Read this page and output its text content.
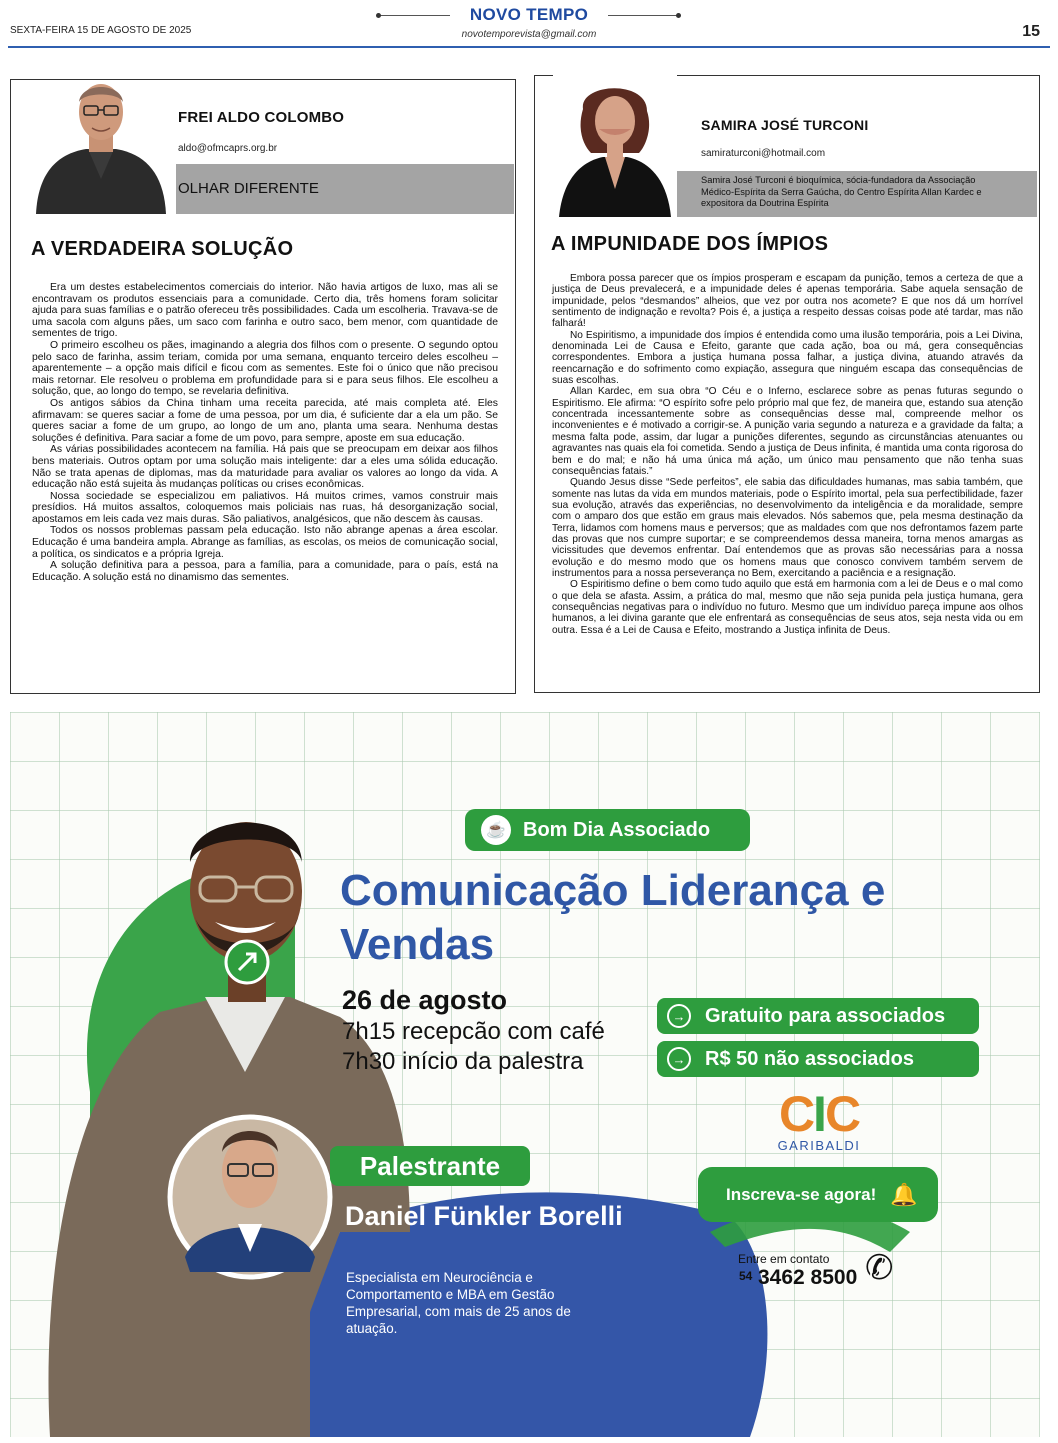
SEXTA-FEIRA 15 DE AGOSTO DE 2025
NOVO TEMPO
novotemporevista@gmail.com	15
FREI ALDO COLOMBO
aldo@ofmcaprs.org.br
OLHAR DIFERENTE
A VERDADEIRA SOLUÇÃO

Era um destes estabelecimentos comerciais do interior. Não havia artigos de luxo, mas ali se encontravam os produtos essenciais para a comunidade. Certo dia, três homens foram solicitar ajuda para suas famílias e o patrão ofereceu três possibilidades. Cada um escolheria. Travava-se de uma sacola com alguns pães, um saco com farinha e outro saco, bem menor, com quantidade de sementes de trigo.

O primeiro escolheu os pães, imaginando a alegria dos filhos com o presente. O segundo optou pelo saco de farinha, assim teriam, comida por uma semana, enquanto terceiro deles escolheu – aparentemente – a opção mais difícil e ficou com as sementes. Este foi o único que não precisou mais retornar. Ele resolveu o problema em profundidade para si e para seus filhos. Ele escolheu a solução, que, ao longo do tempo, se revelaria definitiva.

Os antigos sábios da China tinham uma receita parecida, até mais completa até. Eles afirmavam: se queres saciar a fome de uma pessoa, por um dia, é suficiente dar a ela um pão. Se queres saciar a fome de um grupo, ao longo de um ano, planta uma seara. Nenhuma destas soluções é definitiva. Para saciar a fome de um povo, para sempre, aposte em sua educação.

As várias possibilidades acontecem na família. Há pais que se preocupam em deixar aos filhos bens materiais. Outros optam por uma solução mais inteligente: dar a eles uma sólida educação. Não se trata apenas de diplomas, mas da maturidade para avaliar os valores ao longo da vida. A educação não está sujeita às mudanças políticas ou crises econômicas.

Nossa sociedade se especializou em paliativos. Há muitos crimes, vamos construir mais presídios. Há muitos assaltos, coloquemos mais policiais nas ruas, há desorganização social, apostamos em leis cada vez mais duras. São paliativos, analgésicos, que não descem às causas.

Todos os nossos problemas passam pela educação. Isto não abrange apenas a área escolar. Educação é uma bandeira ampla. Abrange as famílias, as escolas, os meios de comunicação social, a política, os sindicatos e a própria Igreja.

A solução definitiva para a pessoa, para a família, para a comunidade, para o país, está na Educação. A solução está no dinamismo das sementes.

SAMIRA JOSÉ TURCONI
samiraturconi@hotmail.com
Samira José Turconi é bioquímica, sócia-fundadora da Associação Médico-Espírita da Serra Gaúcha, do Centro Espírita Allan Kardec e expositora da Doutrina Espírita
A IMPUNIDADE DOS ÍMPIOS

Embora possa parecer que os ímpios prosperam e escapam da punição, temos a certeza de que a justiça de Deus prevalecerá, e a impunidade deles é apenas temporária. Sabe aquela sensação de impunidade, pelos “desmandos” alheios, que vez por outra nos acomete? E que nos dá um horrível sentimento de indignação e revolta? Pois é, a justiça a respeito dessas coisas pode até tardar, mas não falhará!

No Espiritismo, a impunidade dos ímpios é entendida como uma ilusão temporária, pois a Lei Divina, denominada Lei de Causa e Efeito, garante que cada ação, boa ou má, gera consequências correspondentes. Embora a justiça humana possa falhar, a justiça divina, atuando através da reencarnação e do sofrimento como expiação, assegura que ninguém escapa das consequências de suas escolhas.

Allan Kardec, em sua obra “O Céu e o Inferno, esclarece sobre as penas futuras segundo o Espiritismo. Ele afirma: “O espírito sofre pelo próprio mal que fez, de maneira que, estando sua atenção concentrada incessantemente sobre as consequências desse mal, compreende melhor os inconvenientes e é motivado a corrigir-se. A punição varia segundo a natureza e a gravidade da falta; a mesma falta pode, assim, dar lugar a punições diferentes, segundo as circunstâncias atenuantes ou agravantes nas quais ela foi cometida. Sendo a justiça de Deus infinita, é mantida uma conta rigorosa do bem e do mal; e não há uma única má ação, um único mau pensamento que não tenha suas consequências fatais.”

Quando Jesus disse “Sede perfeitos”, ele sabia das dificuldades humanas, mas sabia também, que somente nas lutas da vida em mundos materiais, pode o Espírito imortal, pela sua perfectibilidade, fazer sua evolução, através das experiências, no desenvolvimento da inteligência e da moralidade, sempre com o amparo dos que estão em graus mais elevados. Nós sabemos que, pela mesma destinação da Terra, lidamos com homens maus e perversos; que as maldades com que nos defrontamos fazem parte das provas que nos cumpre suportar; e se compreendemos dessa maneira, torna menos amargas as vicissitudes que devemos enfrentar. Daí entendemos que as provas são necessárias para a nossa evolução e do mesmo modo que os homens maus que conosco convivem também servem de instrumentos para a nossa perseverança no Bem, exercitando a paciência e a resignação.

O Espiritismo define o bem como tudo aquilo que está em harmonia com a lei de Deus e o mal como o que dela se afasta. Assim, a prática do mal, mesmo que não seja punida pela justiça humana, gera consequências negativas para o indivíduo no futuro. Mesmo que um indivíduo pareça impune aos olhos humanos, a lei divina garante que ele enfrentará as consequências de seus atos, seja nesta vida ou em outra. Essa é a Lei de Causa e Efeito, mostrando a Justiça infinita de Deus.

☕ Bom Dia Associado
Comunicação Liderança e Vendas
26 de agosto
7h15 recepcão com café
7h30 início da palestra
→ Gratuito para associados
→ R$ 50 não associados
CIC
GARIBALDI
Inscreva-se agora! 🔔
Entre em contato
54 3462 8500 ✆
Palestrante
Daniel Fünkler Borelli
Especialista em Neurociência e Comportamento e MBA em Gestão Empresarial, com mais de 25 anos de atuação.
